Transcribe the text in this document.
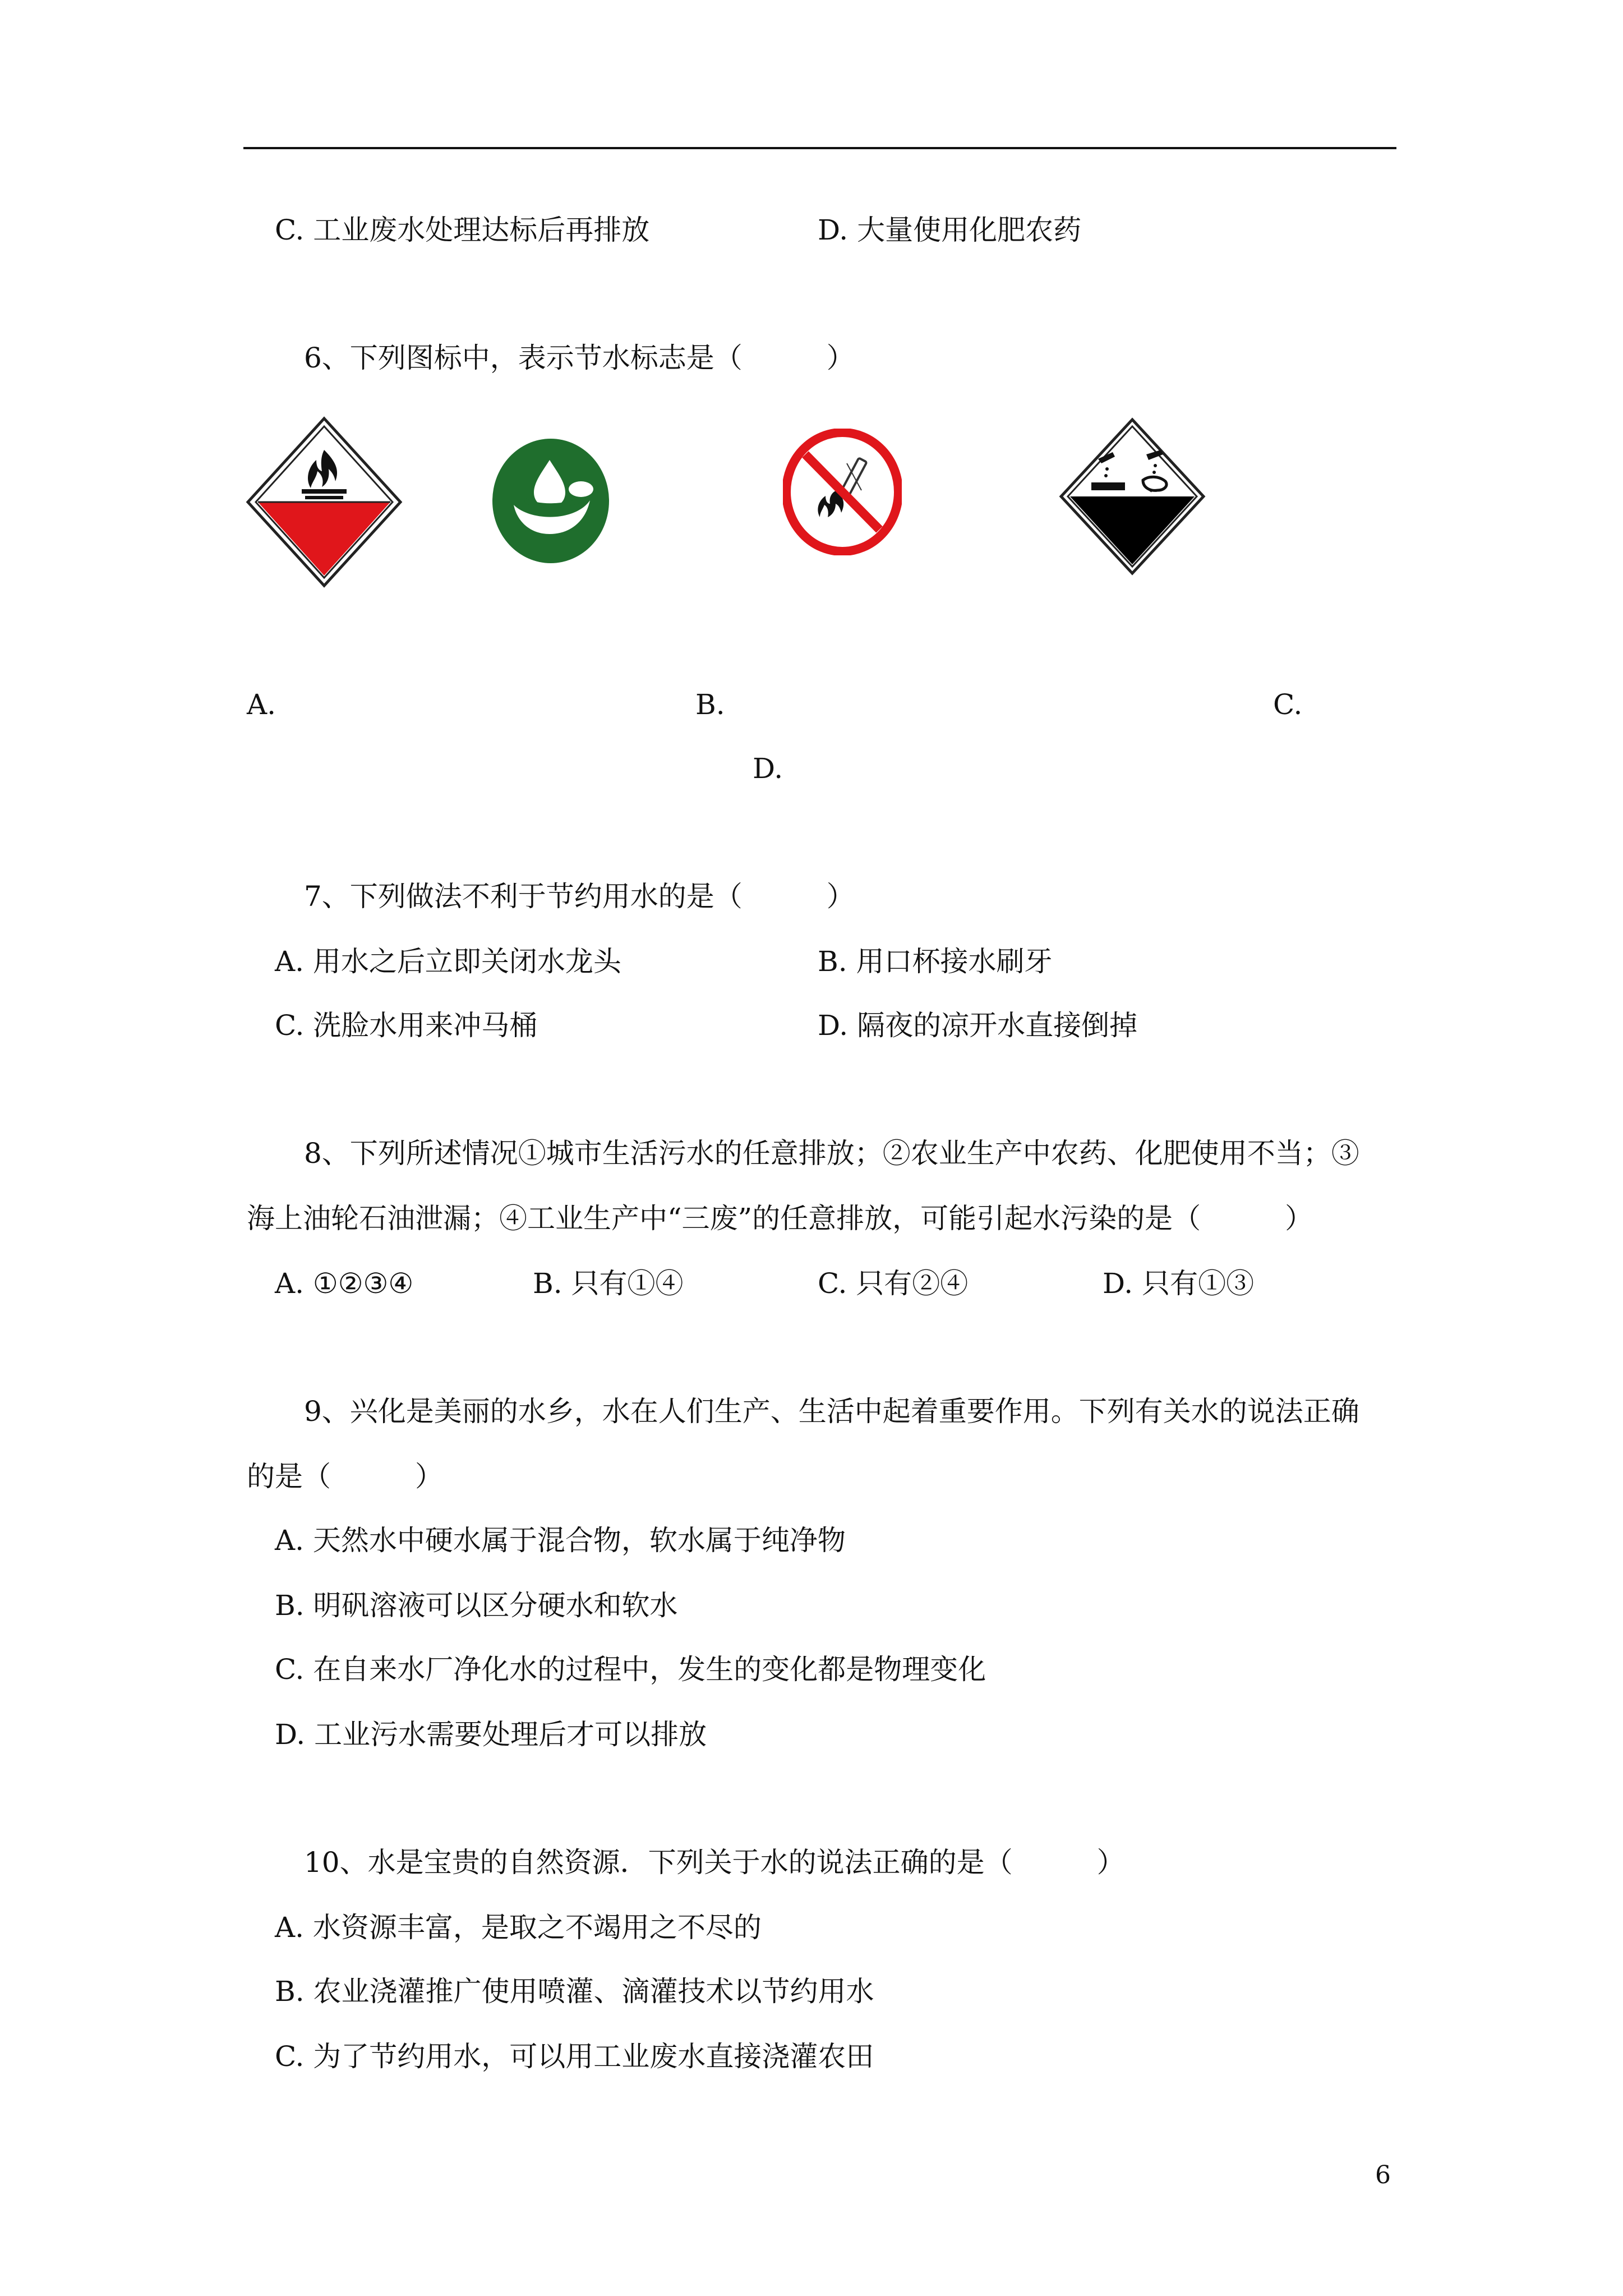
C. 工业废水处理达标后再排放	D. 大量使用化肥农药
6、下列图标中，表示节水标志是（　　　）
A.	B.	C.
D.
7、下列做法不利于节约用水的是（　　　）
A. 用水之后立即关闭水龙头	B. 用口杯接水刷牙
C. 洗脸水用来冲马桶	D. 隔夜的凉开水直接倒掉
8、下列所述情况①城市生活污水的任意排放；②农业生产中农药、化肥使用不当；③
海上油轮石油泄漏；④工业生产中“三废”的任意排放，可能引起水污染的是（　　　）
A. ①②③④	B. 只有①④	C. 只有②④	D. 只有①③
9、兴化是美丽的水乡，水在人们生产、生活中起着重要作用。下列有关水的说法正确
的是（　　　）
A. 天然水中硬水属于混合物，软水属于纯净物
B. 明矾溶液可以区分硬水和软水
C. 在自来水厂净化水的过程中，发生的变化都是物理变化
D. 工业污水需要处理后才可以排放
10、水是宝贵的自然资源．下列关于水的说法正确的是（　　　）
A. 水资源丰富，是取之不竭用之不尽的
B. 农业浇灌推广使用喷灌、滴灌技术以节约用水
C. 为了节约用水，可以用工业废水直接浇灌农田
6
